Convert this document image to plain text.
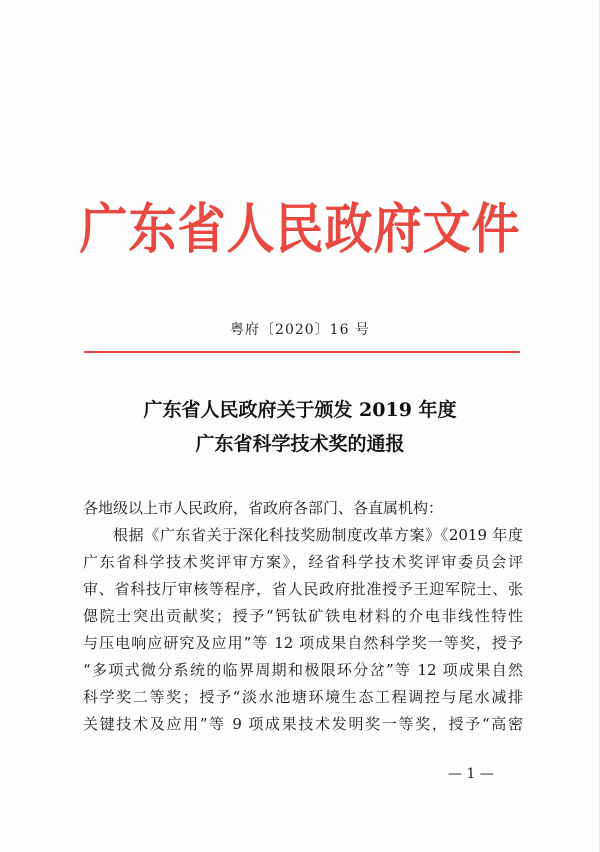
广东省人民政府文件
粤府〔2020〕16 号
广东省人民政府关于颁发 2019 年度
广东省科学技术奖的通报
各地级以上市人民政府，省政府各部门、各直属机构：
根据《广东省关于深化科技奖励制度改革方案》《2019 年度
广东省科学技术奖评审方案》，经省科学技术奖评审委员会评
审、省科技厅审核等程序，省人民政府批准授予王迎军院士、张
偲院士突出贡献奖；授予“钙钛矿铁电材料的介电非线性特性
与压电响应研究及应用”等 12 项成果自然科学奖一等奖，授予
“多项式微分系统的临界周期和极限环分岔”等 12 项成果自然
科学奖二等奖；授予“淡水池塘环境生态工程调控与尾水减排
关键技术及应用”等 9 项成果技术发明奖一等奖，授予“高密
— 1 —
